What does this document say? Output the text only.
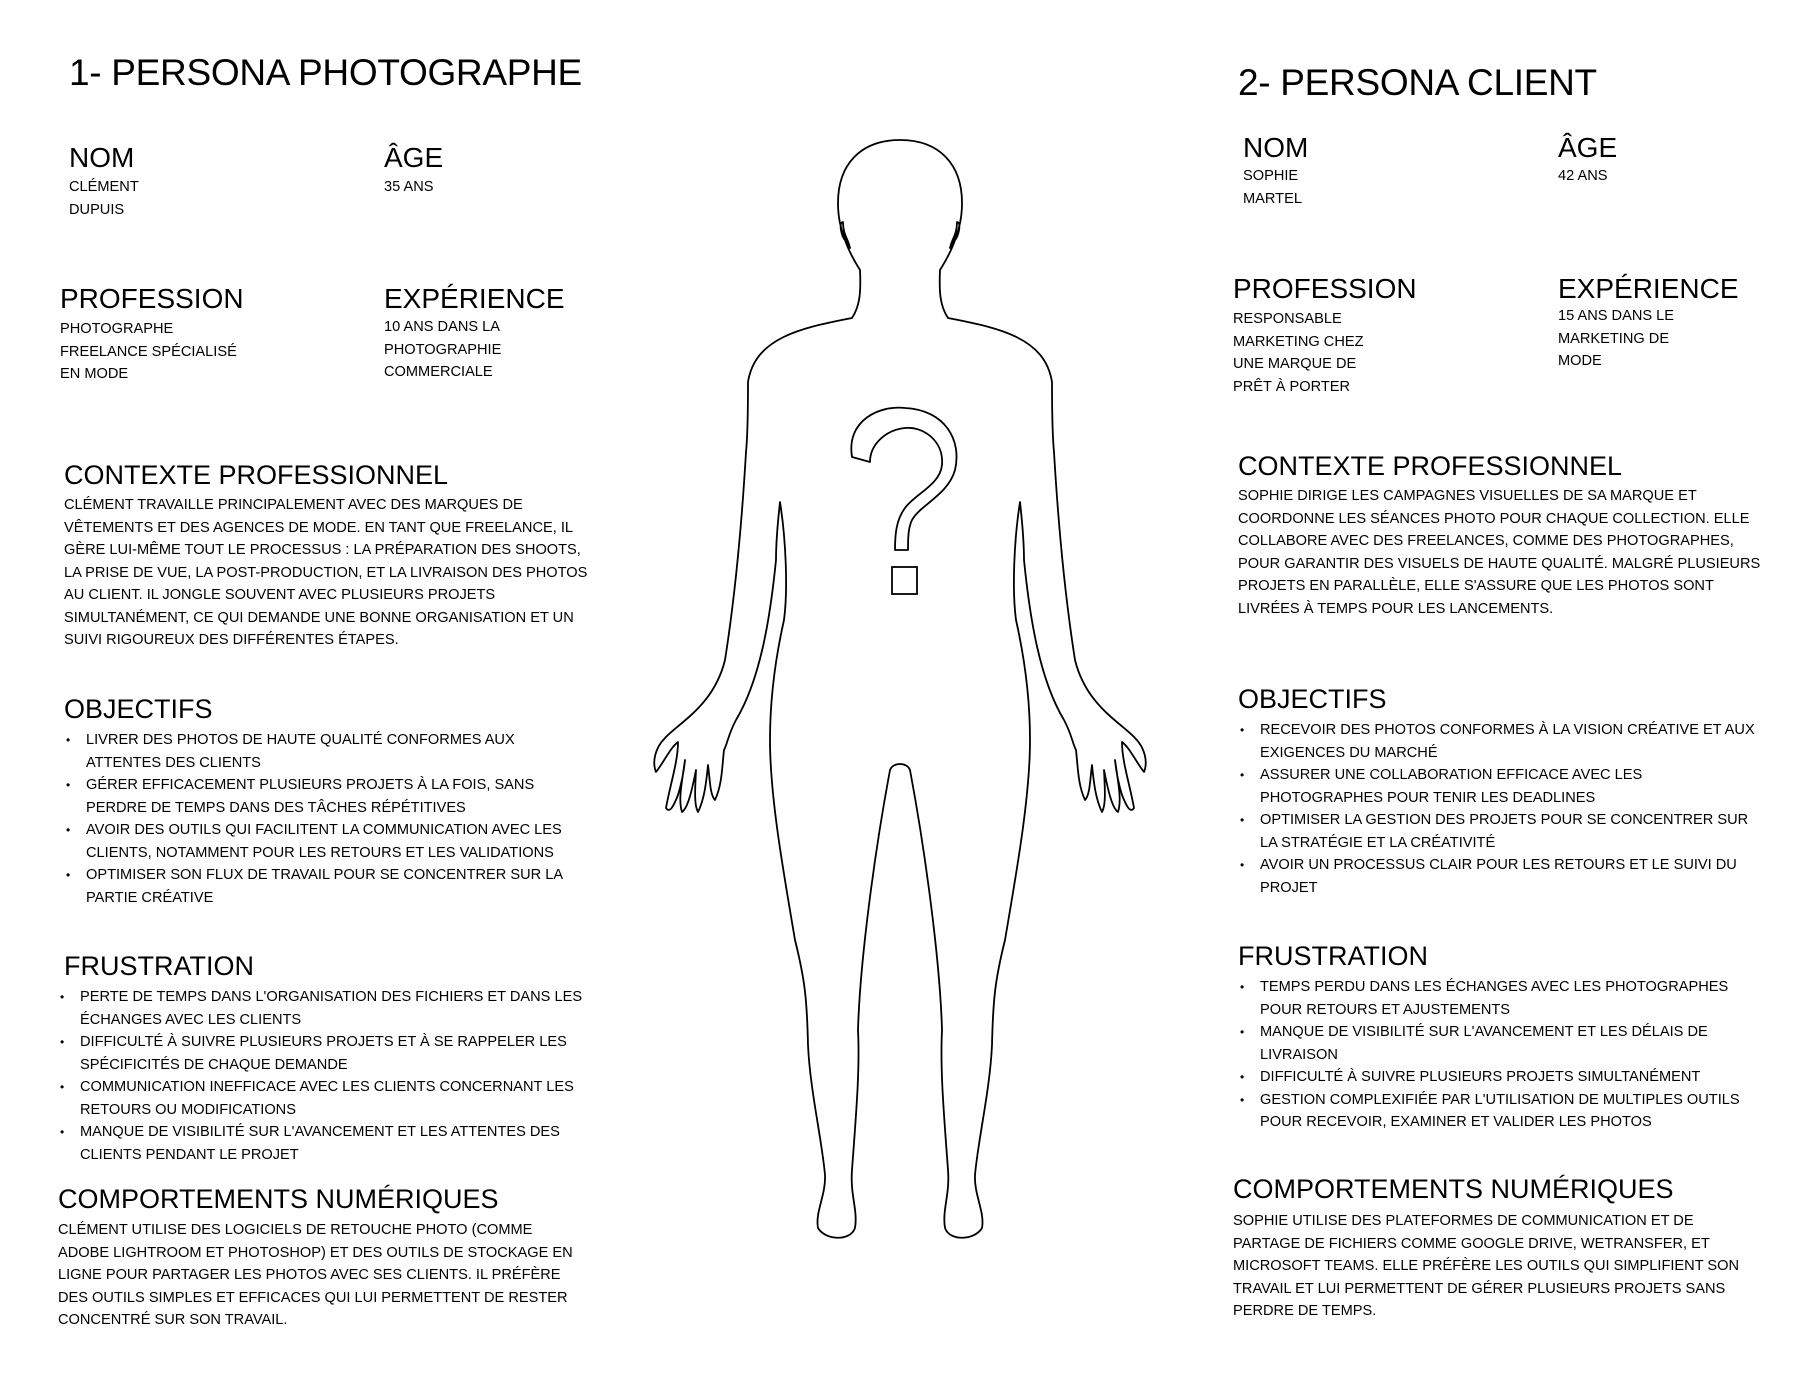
1- PERSONA PHOTOGRAPHE
NOM
CLÉMENT
DUPUIS
ÂGE
35 ANS
PROFESSION
PHOTOGRAPHE
FREELANCE SPÉCIALISÉ
EN MODE
EXPÉRIENCE
10 ANS DANS LA
PHOTOGRAPHIE
COMMERCIALE
CONTEXTE PROFESSIONNEL
CLÉMENT TRAVAILLE PRINCIPALEMENT AVEC DES MARQUES DE VÊTEMENTS ET DES AGENCES DE MODE. EN TANT QUE FREELANCE, IL GÈRE LUI-MÊME TOUT LE PROCESSUS : LA PRÉPARATION DES SHOOTS, LA PRISE DE VUE, LA POST-PRODUCTION, ET LA LIVRAISON DES PHOTOS AU CLIENT. IL JONGLE SOUVENT AVEC PLUSIEURS PROJETS SIMULTANÉMENT, CE QUI DEMANDE UNE BONNE ORGANISATION ET UN SUIVI RIGOUREUX DES DIFFÉRENTES ÉTAPES.
OBJECTIFS
• LIVRER DES PHOTOS DE HAUTE QUALITÉ CONFORMES AUX ATTENTES DES CLIENTS
• GÉRER EFFICACEMENT PLUSIEURS PROJETS À LA FOIS, SANS PERDRE DE TEMPS DANS DES TÂCHES RÉPÉTITIVES
• AVOIR DES OUTILS QUI FACILITENT LA COMMUNICATION AVEC LES CLIENTS, NOTAMMENT POUR LES RETOURS ET LES VALIDATIONS
• OPTIMISER SON FLUX DE TRAVAIL POUR SE CONCENTRER SUR LA PARTIE CRÉATIVE
FRUSTRATION
• PERTE DE TEMPS DANS L'ORGANISATION DES FICHIERS ET DANS LES ÉCHANGES AVEC LES CLIENTS
• DIFFICULTÉ À SUIVRE PLUSIEURS PROJETS ET À SE RAPPELER LES SPÉCIFICITÉS DE CHAQUE DEMANDE
• COMMUNICATION INEFFICACE AVEC LES CLIENTS CONCERNANT LES RETOURS OU MODIFICATIONS
• MANQUE DE VISIBILITÉ SUR L'AVANCEMENT ET LES ATTENTES DES CLIENTS PENDANT LE PROJET
COMPORTEMENTS NUMÉRIQUES
CLÉMENT UTILISE DES LOGICIELS DE RETOUCHE PHOTO (COMME ADOBE LIGHTROOM ET PHOTOSHOP) ET DES OUTILS DE STOCKAGE EN LIGNE POUR PARTAGER LES PHOTOS AVEC SES CLIENTS. IL PRÉFÈRE DES OUTILS SIMPLES ET EFFICACES QUI LUI PERMETTENT DE RESTER CONCENTRÉ SUR SON TRAVAIL.
2- PERSONA CLIENT
NOM
SOPHIE
MARTEL
ÂGE
42 ANS
PROFESSION
RESPONSABLE
MARKETING CHEZ
UNE MARQUE DE
PRÊT À PORTER
EXPÉRIENCE
15 ANS DANS LE
MARKETING DE
MODE
CONTEXTE PROFESSIONNEL
SOPHIE DIRIGE LES CAMPAGNES VISUELLES DE SA MARQUE ET COORDONNE LES SÉANCES PHOTO POUR CHAQUE COLLECTION. ELLE COLLABORE AVEC DES FREELANCES, COMME DES PHOTOGRAPHES, POUR GARANTIR DES VISUELS DE HAUTE QUALITÉ. MALGRÉ PLUSIEURS PROJETS EN PARALLÈLE, ELLE S'ASSURE QUE LES PHOTOS SONT LIVRÉES À TEMPS POUR LES LANCEMENTS.
OBJECTIFS
• RECEVOIR DES PHOTOS CONFORMES À LA VISION CRÉATIVE ET AUX EXIGENCES DU MARCHÉ
• ASSURER UNE COLLABORATION EFFICACE AVEC LES PHOTOGRAPHES POUR TENIR LES DEADLINES
• OPTIMISER LA GESTION DES PROJETS POUR SE CONCENTRER SUR LA STRATÉGIE ET LA CRÉATIVITÉ
• AVOIR UN PROCESSUS CLAIR POUR LES RETOURS ET LE SUIVI DU PROJET
FRUSTRATION
• TEMPS PERDU DANS LES ÉCHANGES AVEC LES PHOTOGRAPHES POUR RETOURS ET AJUSTEMENTS
• MANQUE DE VISIBILITÉ SUR L'AVANCEMENT ET LES DÉLAIS DE LIVRAISON
• DIFFICULTÉ À SUIVRE PLUSIEURS PROJETS SIMULTANÉMENT
• GESTION COMPLEXIFIÉE PAR L'UTILISATION DE MULTIPLES OUTILS POUR RECEVOIR, EXAMINER ET VALIDER LES PHOTOS
COMPORTEMENTS NUMÉRIQUES
SOPHIE UTILISE DES PLATEFORMES DE COMMUNICATION ET DE PARTAGE DE FICHIERS COMME GOOGLE DRIVE, WETRANSFER, ET MICROSOFT TEAMS. ELLE PRÉFÈRE LES OUTILS QUI SIMPLIFIENT SON TRAVAIL ET LUI PERMETTENT DE GÉRER PLUSIEURS PROJETS SANS PERDRE DE TEMPS.
